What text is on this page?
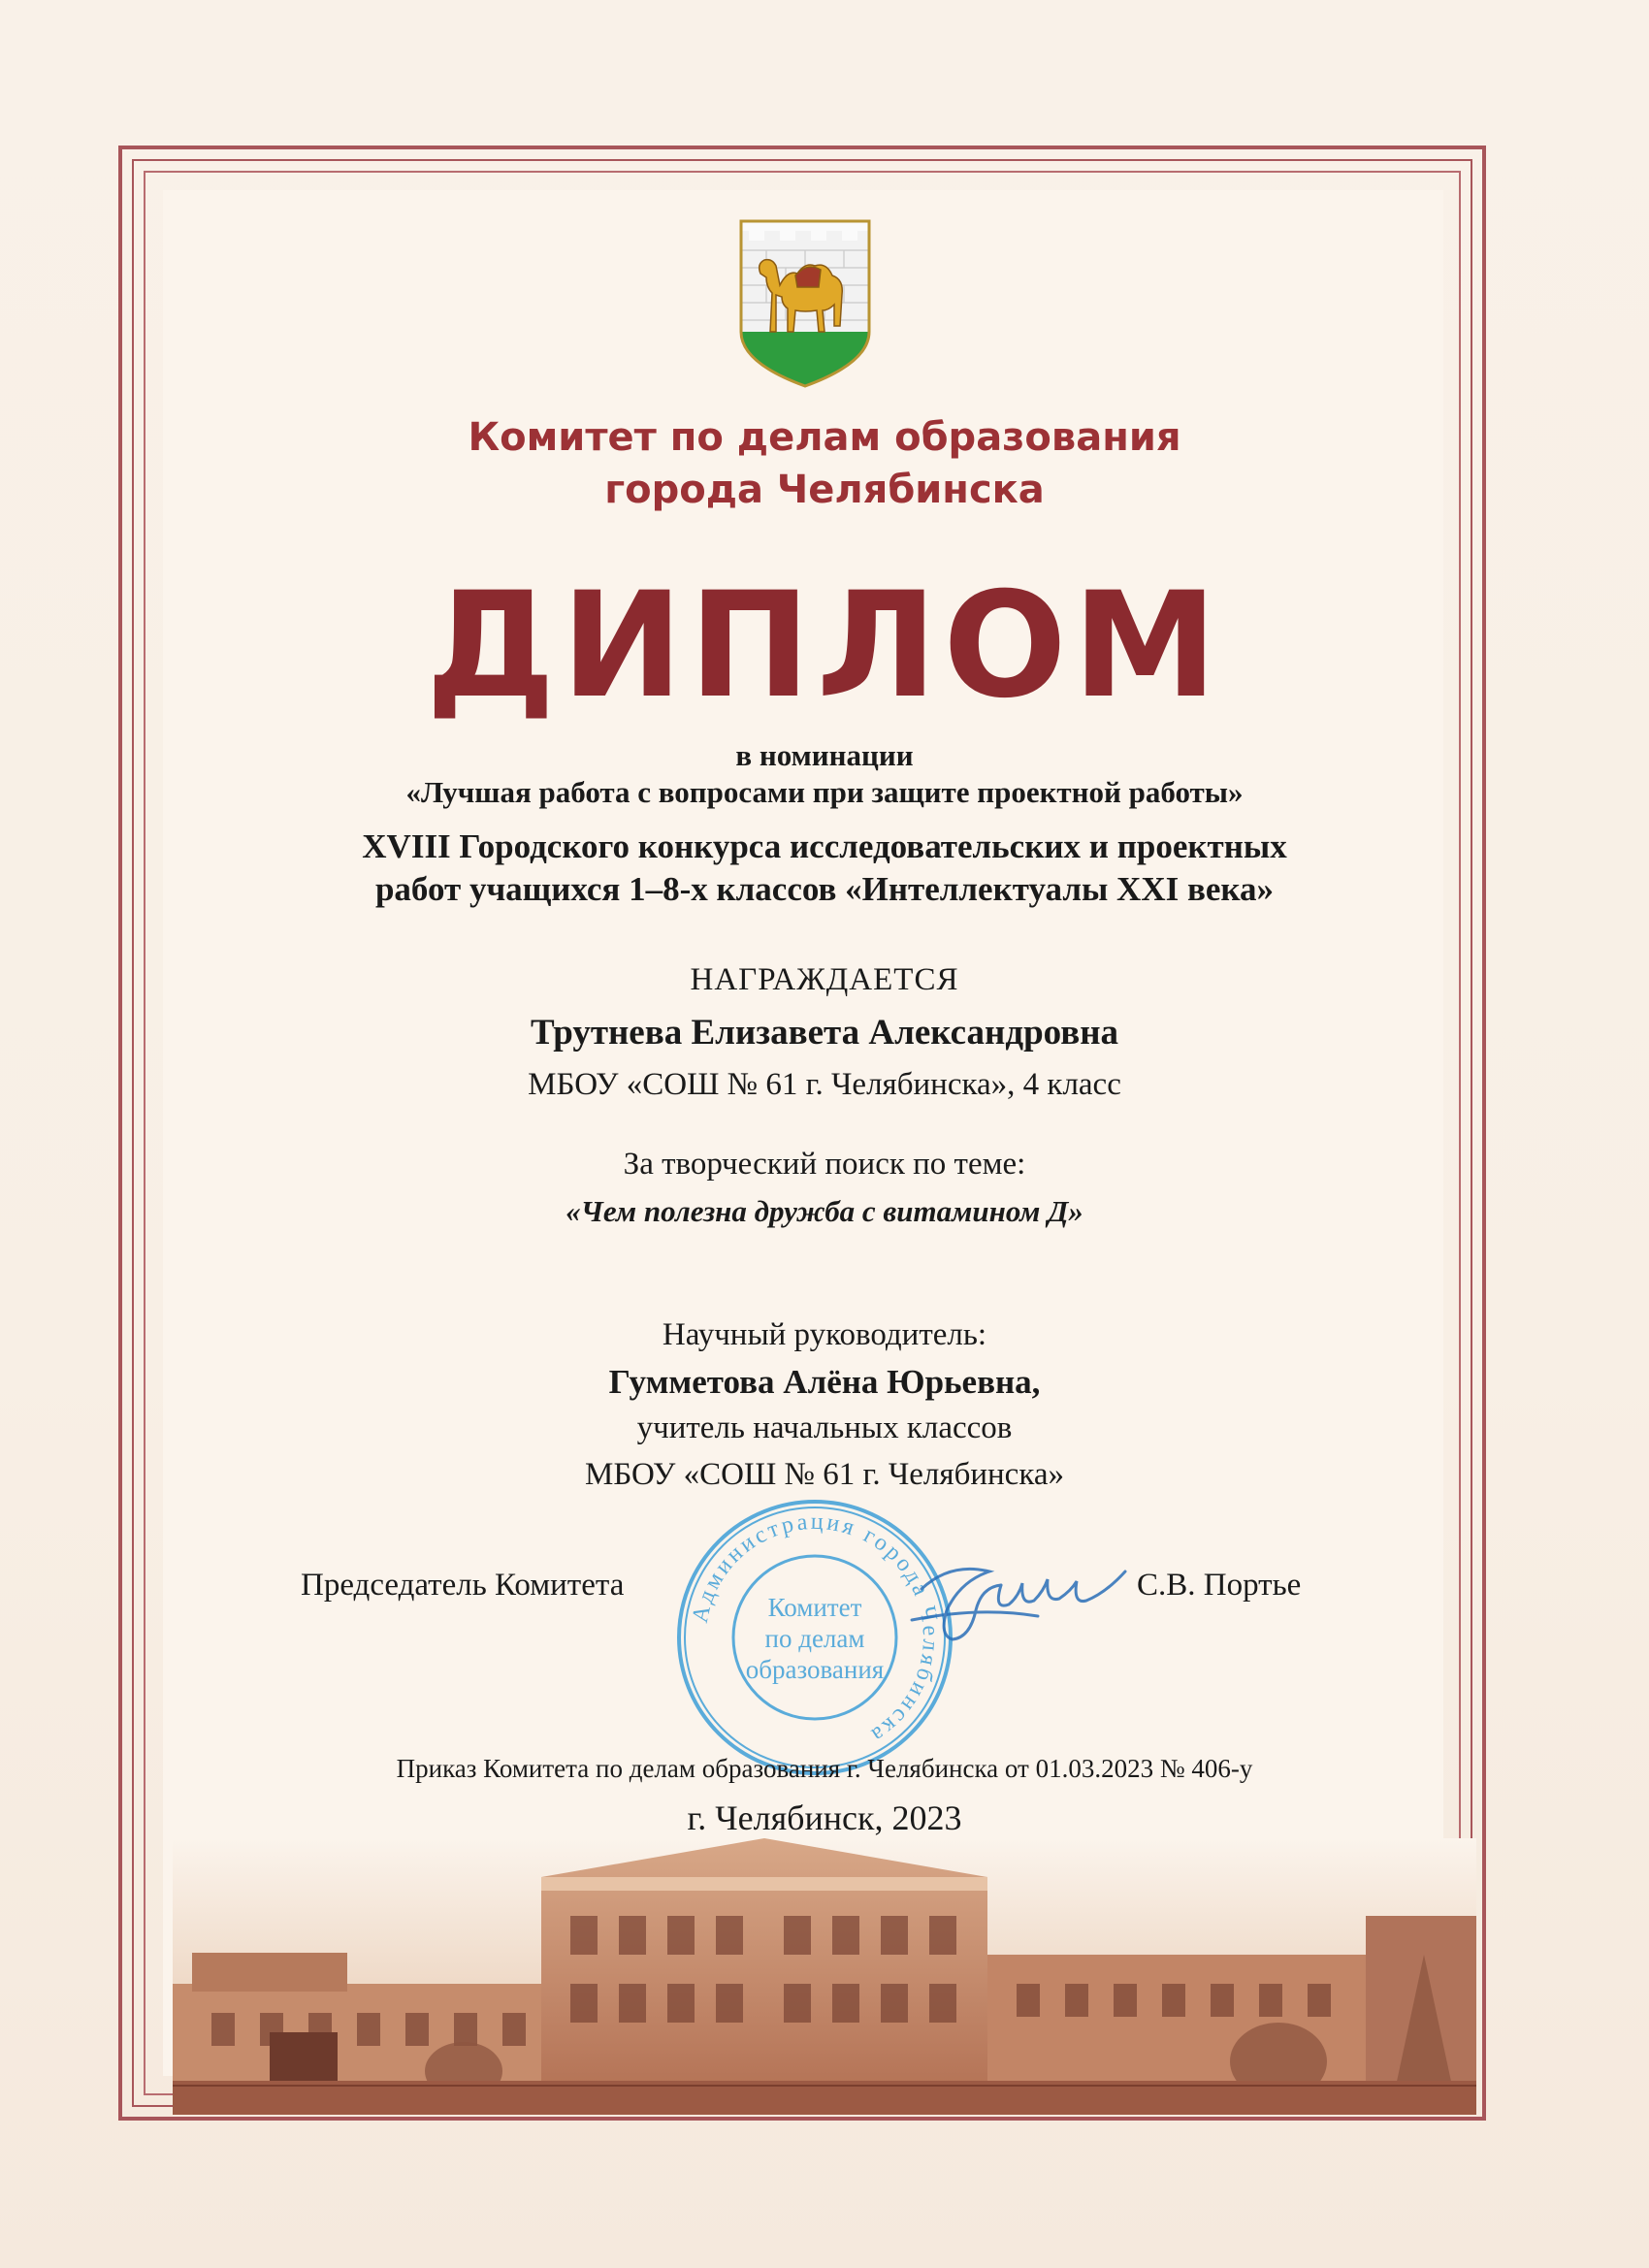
Комитет по делам образования
города Челябинска
ДИПЛОМ
в номинации
«Лучшая работа с вопросами при защите проектной работы»
XVIII Городского конкурса исследовательских и проектных
работ учащихся 1–8-х классов «Интеллектуалы XXI века»
НАГРАЖДАЕТСЯ
Трутнева Елизавета Александровна
МБОУ «СОШ № 61 г. Челябинска», 4 класс
За творческий поиск по теме:
«Чем полезна дружба с витамином Д»
Научный руководитель:
Гумметова Алёна Юрьевна,
учитель начальных классов
МБОУ «СОШ № 61 г. Челябинска»
Председатель Комитета	С.В. Портье
Администрация города Челябинска
Комитет
по делам
образования
Приказ Комитета по делам образования г. Челябинска от 01.03.2023 № 406-у
г. Челябинск, 2023
